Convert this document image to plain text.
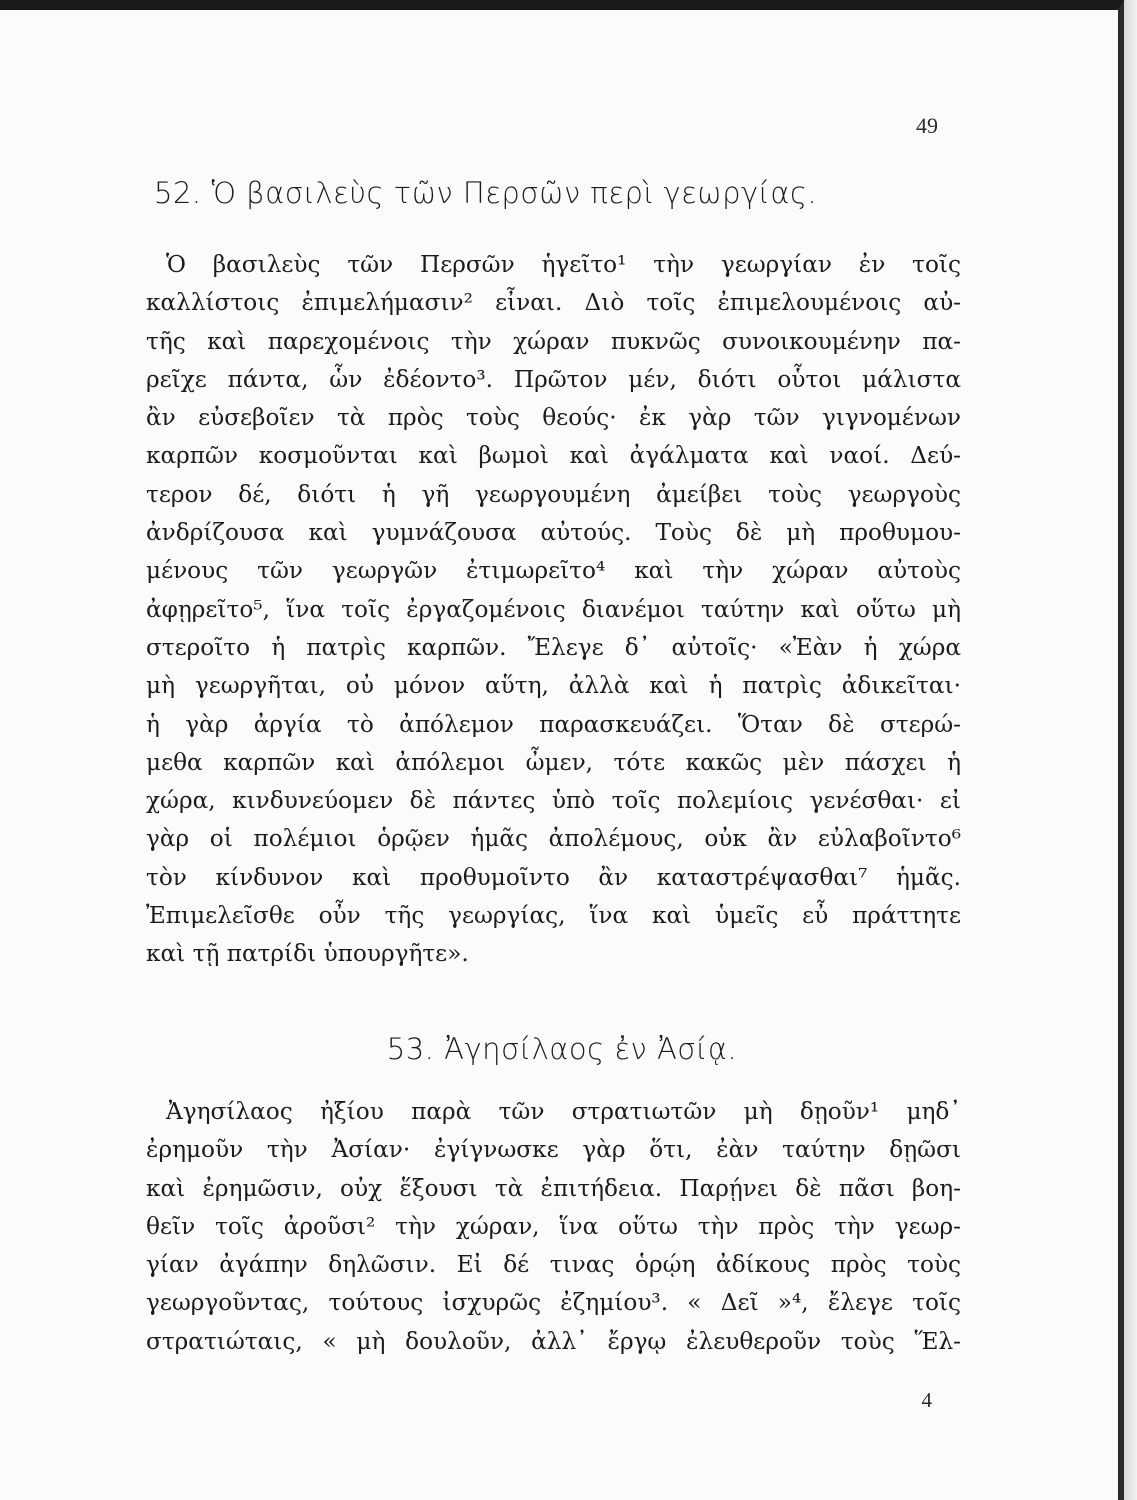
49
52. Ὁ βασιλεὺς τῶν Περσῶν περὶ γεωργίας.
Ὁ βασιλεὺς τῶν Περσῶν ἡγεῖτο¹ τὴν γεωργίαν ἐν τοῖς
καλλίστοις ἐπιμελήμασιν² εἶναι. Διὸ τοῖς ἐπιμελουμένοις αὐ-
τῆς καὶ παρεχομένοις τὴν χώραν πυκνῶς συνοικουμένην πα-
ρεῖχε πάντα, ὧν ἐδέοντο³. Πρῶτον μέν, διότι οὗτοι μάλιστα
ἂν εὐσεβοῖεν τὰ πρὸς τοὺς θεούς· ἐκ γὰρ τῶν γιγνομένων
καρπῶν κοσμοῦνται καὶ βωμοὶ καὶ ἀγάλματα καὶ ναοί. Δεύ-
τερον δέ, διότι ἡ γῆ γεωργουμένη ἀμείβει τοὺς γεωργοὺς
ἀνδρίζουσα καὶ γυμνάζουσα αὐτούς. Τοὺς δὲ μὴ προθυμου-
μένους τῶν γεωργῶν ἐτιμωρεῖτο⁴ καὶ τὴν χώραν αὐτοὺς
ἀφῃρεῖτο⁵, ἵνα τοῖς ἐργαζομένοις διανέμοι ταύτην καὶ οὕτω μὴ
στεροῖτο ἡ πατρὶς καρπῶν. Ἔλεγε δ᾽ αὐτοῖς· «Ἐὰν ἡ χώρα
μὴ γεωργῆται, οὐ μόνον αὕτη, ἀλλὰ καὶ ἡ πατρὶς ἀδικεῖται·
ἡ γὰρ ἀργία τὸ ἀπόλεμον παρασκευάζει. Ὅταν δὲ στερώ-
μεθα καρπῶν καὶ ἀπόλεμοι ὦμεν, τότε κακῶς μὲν πάσχει ἡ
χώρα, κινδυνεύομεν δὲ πάντες ὑπὸ τοῖς πολεμίοις γενέσθαι· εἰ
γὰρ οἱ πολέμιοι ὁρῷεν ἡμᾶς ἀπολέμους, οὐκ ἂν εὐλαβοῖντο⁶
τὸν κίνδυνον καὶ προθυμοῖντο ἂν καταστρέψασθαι⁷ ἡμᾶς.
Ἐπιμελεῖσθε οὖν τῆς γεωργίας, ἵνα καὶ ὑμεῖς εὖ πράττητε
καὶ τῇ πατρίδι ὑπουργῆτε».
53. Ἀγησίλαος ἐν Ἀσίᾳ.
Ἀγησίλαος ἠξίου παρὰ τῶν στρατιωτῶν μὴ δῃοῦν¹ μηδ᾽
ἐρημοῦν τὴν Ἀσίαν· ἐγίγνωσκε γὰρ ὅτι, ἐὰν ταύτην δῃῶσι
καὶ ἐρημῶσιν, οὐχ ἕξουσι τὰ ἐπιτήδεια. Παρῄνει δὲ πᾶσι βοη-
θεῖν τοῖς ἀροῦσι² τὴν χώραν, ἵνα οὕτω τὴν πρὸς τὴν γεωρ-
γίαν ἀγάπην δηλῶσιν. Εἰ δέ τινας ὁρῴη ἀδίκους πρὸς τοὺς
γεωργοῦντας, τούτους ἰσχυρῶς ἐζημίου³. « Δεῖ »⁴, ἔλεγε τοῖς
στρατιώταις, « μὴ δουλοῦν, ἀλλ᾽ ἔργῳ ἐλευθεροῦν τοὺς Ἕλ-
4
